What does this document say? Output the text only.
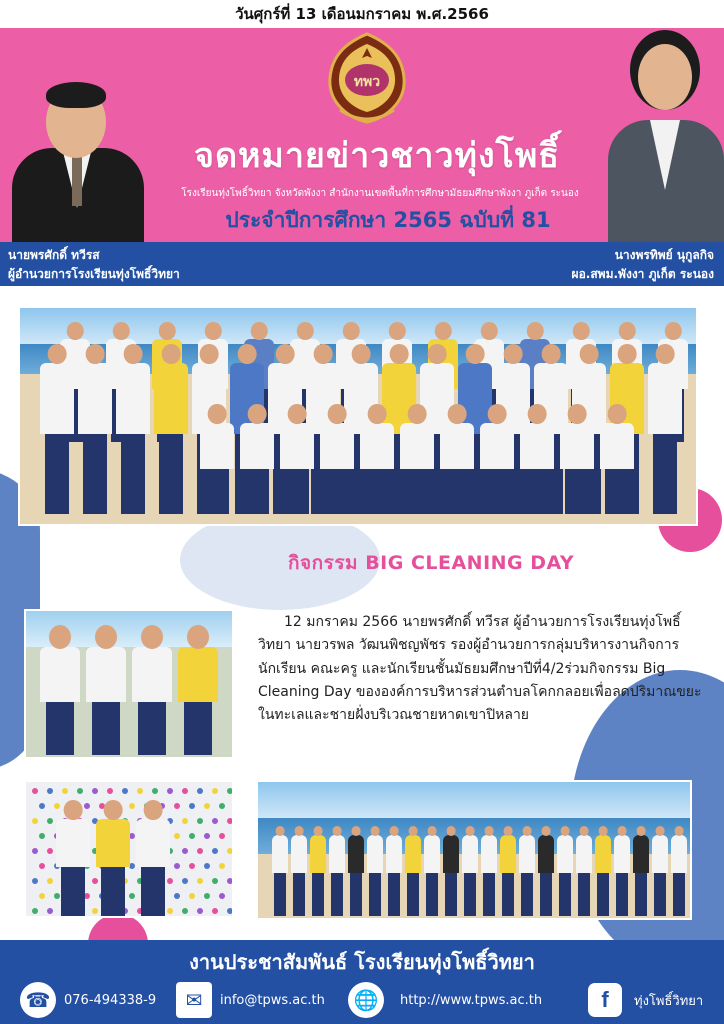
วันศุกร์ที่ 13 เดือนมกราคม พ.ศ.2566
ทพว
จดหมายข่าวชาวทุ่งโพธิ์
โรงเรียนทุ่งโพธิ์วิทยา จังหวัดพังงา สำนักงานเขตพื้นที่การศึกษามัธยมศึกษาพังงา ภูเก็ต ระนอง
ประจำปีการศึกษา 2565 ฉบับที่ 81
นายพรศักดิ์ ทวีรส
ผู้อำนวยการโรงเรียนทุ่งโพธิ์วิทยา
นางพรทิพย์ นุกูลกิจ
ผอ.สพม.พังงา ภูเก็ต ระนอง
กิจกรรม BIG CLEANING DAY
12 มกราคม 2566 นายพรศักดิ์ ทวีรส ผู้อำนวยการโรงเรียนทุ่งโพธิ์วิทยา นายวรพล วัฒนพิชญพัชร รองผู้อำนวยการกลุ่มบริหารงานกิจการนักเรียน คณะครู และนักเรียนชั้นมัธยมศึกษาปีที่4/2ร่วมกิจกรรม Big Cleaning Day ขององค์การบริหารส่วนตำบลโคกกลอยเพื่อลดปริมาณขยะในทะเลและชายฝั่งบริเวณชายหาดเขาปิหลาย
งานประชาสัมพันธ์ โรงเรียนทุ่งโพธิ์วิทยา
☎	076-494338-9	✉	info@tpws.ac.th 🌐	http://www.tpws.ac.th	f	ทุ่งโพธิ์วิทยา
